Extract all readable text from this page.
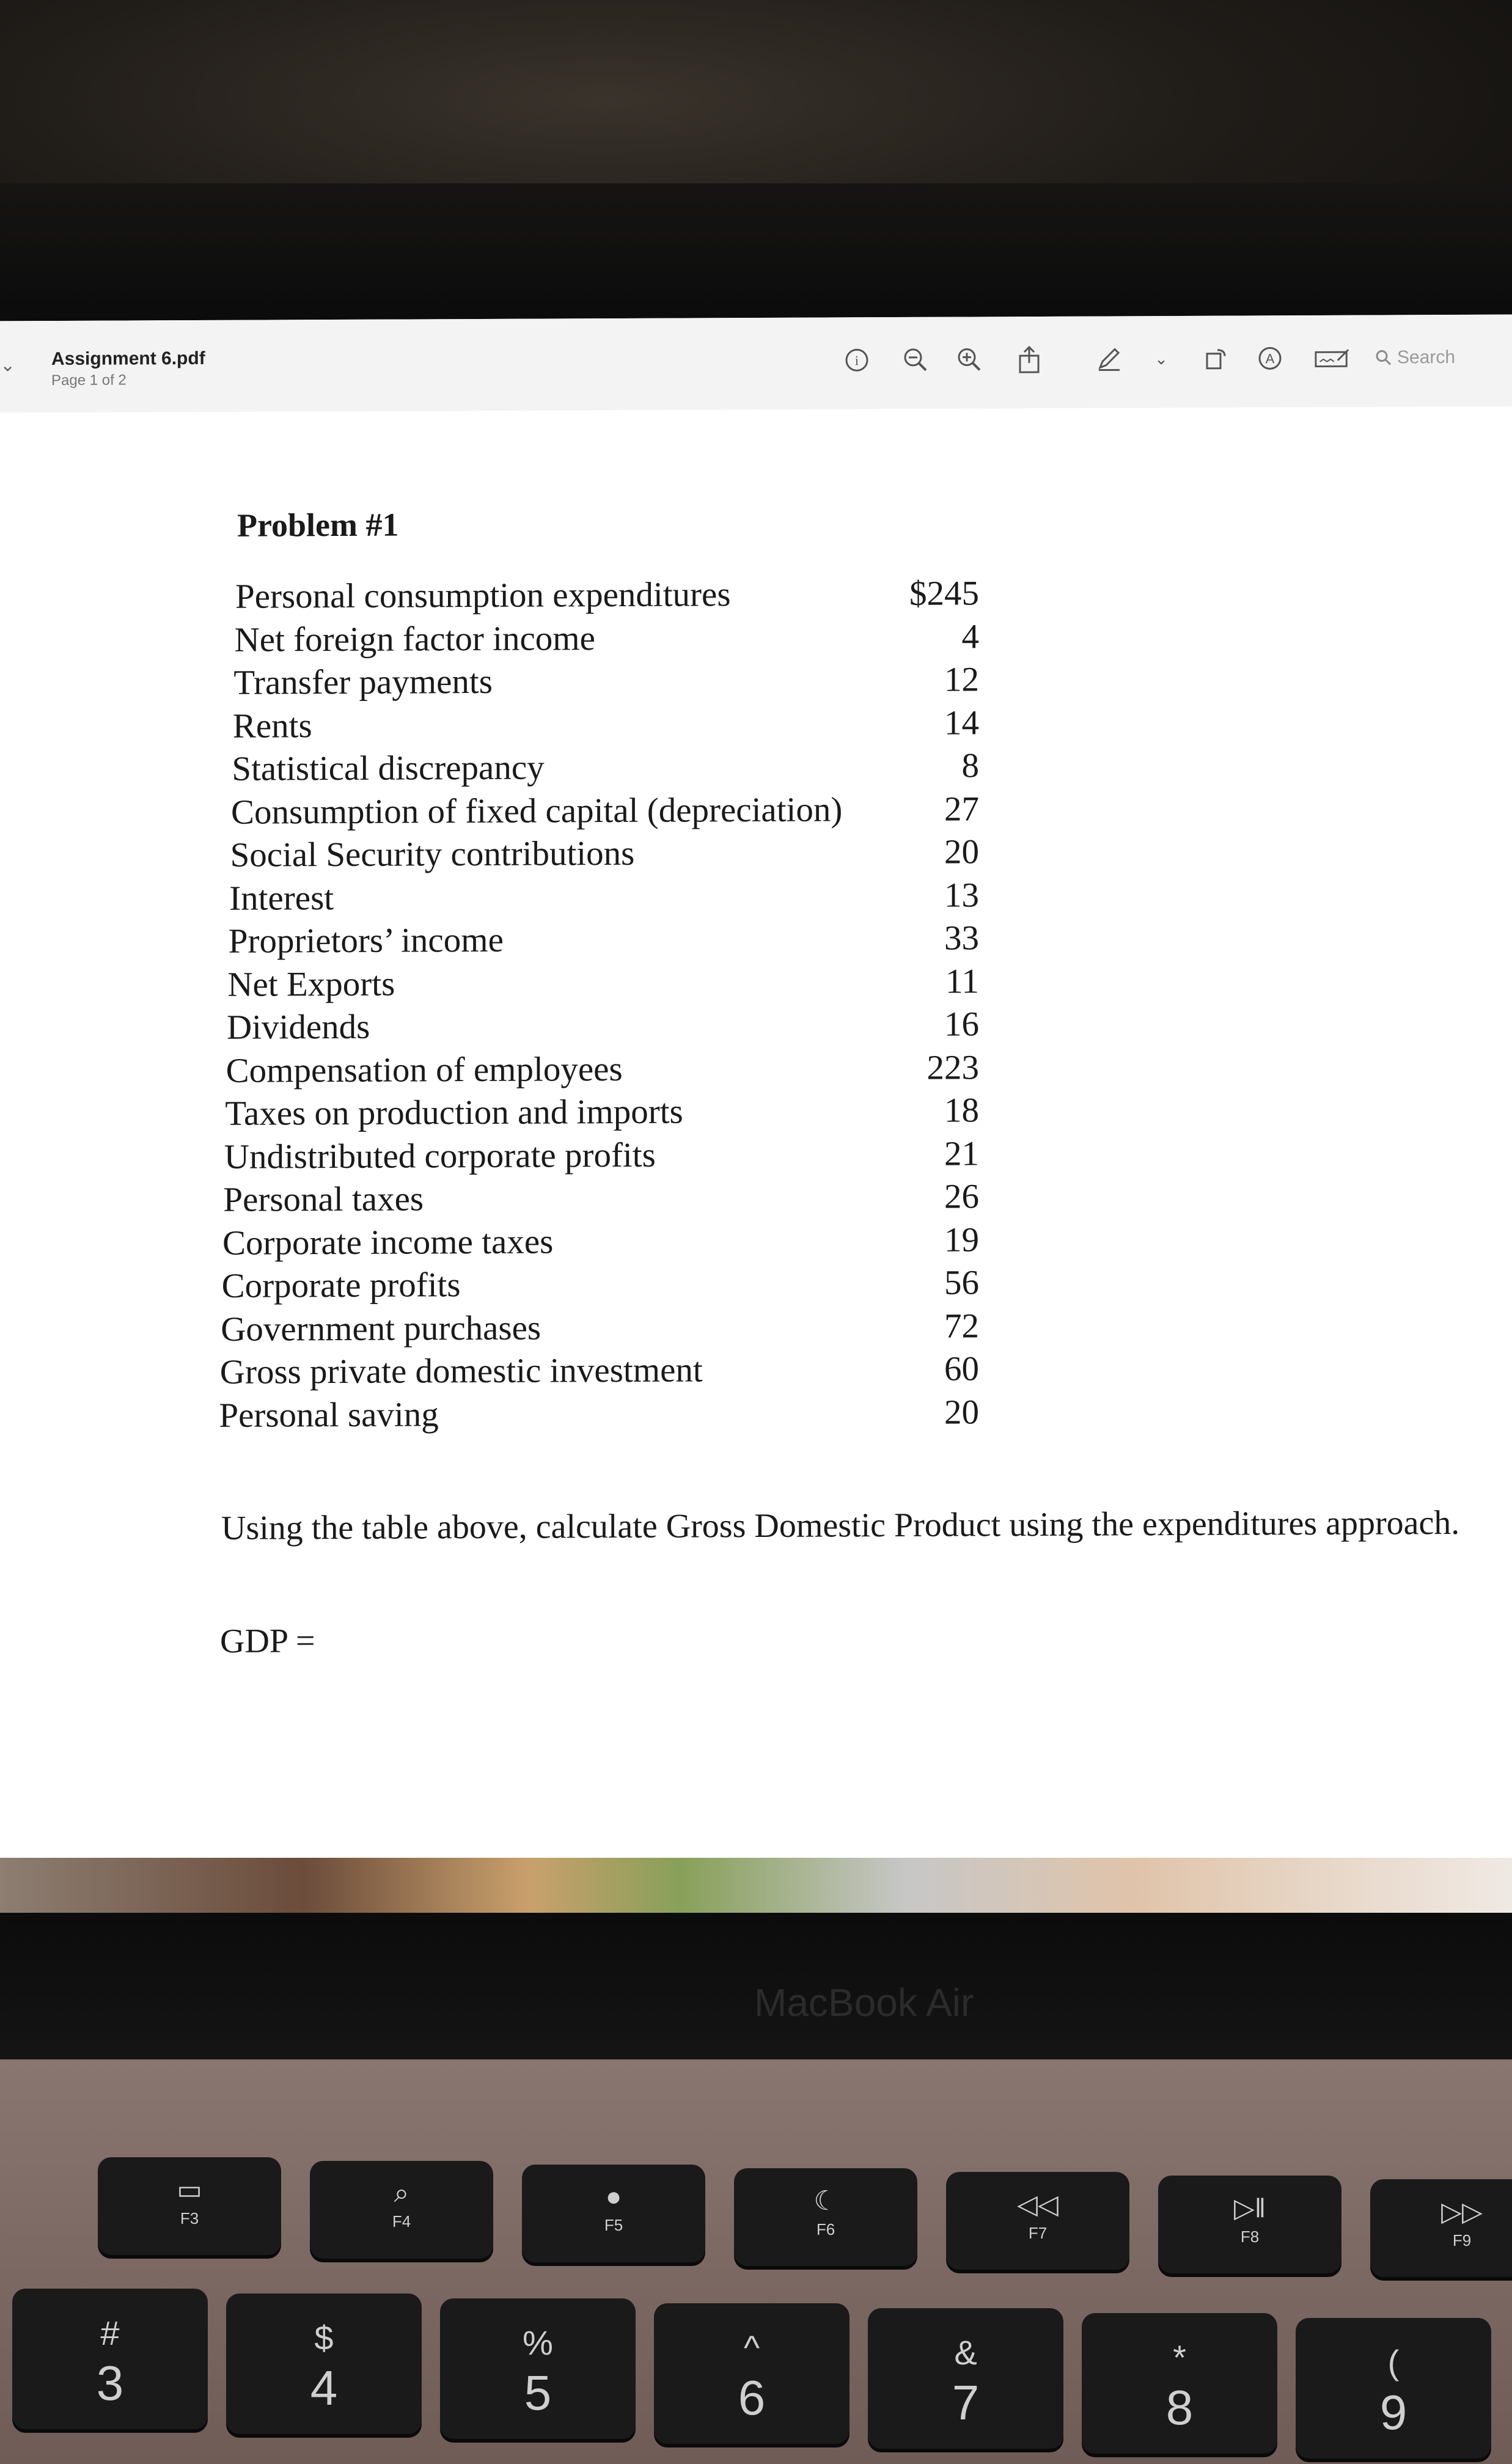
⌄	Assignment 6.pdf
Page 1 of 2
i	⌄	A	Search
Problem #1
Personal consumption expenditures	$245
Net foreign factor income	4
Transfer payments	12
Rents	14
Statistical discrepancy	8
Consumption of fixed capital (depreciation)	27
Social Security contributions	20
Interest	13
Proprietors’ income	33
Net Exports	11
Dividends	16
Compensation of employees	223
Taxes on production and imports	18
Undistributed corporate profits	21
Personal taxes	26
Corporate income taxes	19
Corporate profits	56
Government purchases	72
Gross private domestic investment	60
Personal saving	20
Using the table above, calculate Gross Domestic Product using the expenditures approach.
GDP =
MacBook Air
▭
F3
⌕
F4
●
F5
☾
F6
◁◁
F7
▷‖
F8
▷▷
F9
#
3
$
4
%
5
^
6
&
7
*
8
(
9
